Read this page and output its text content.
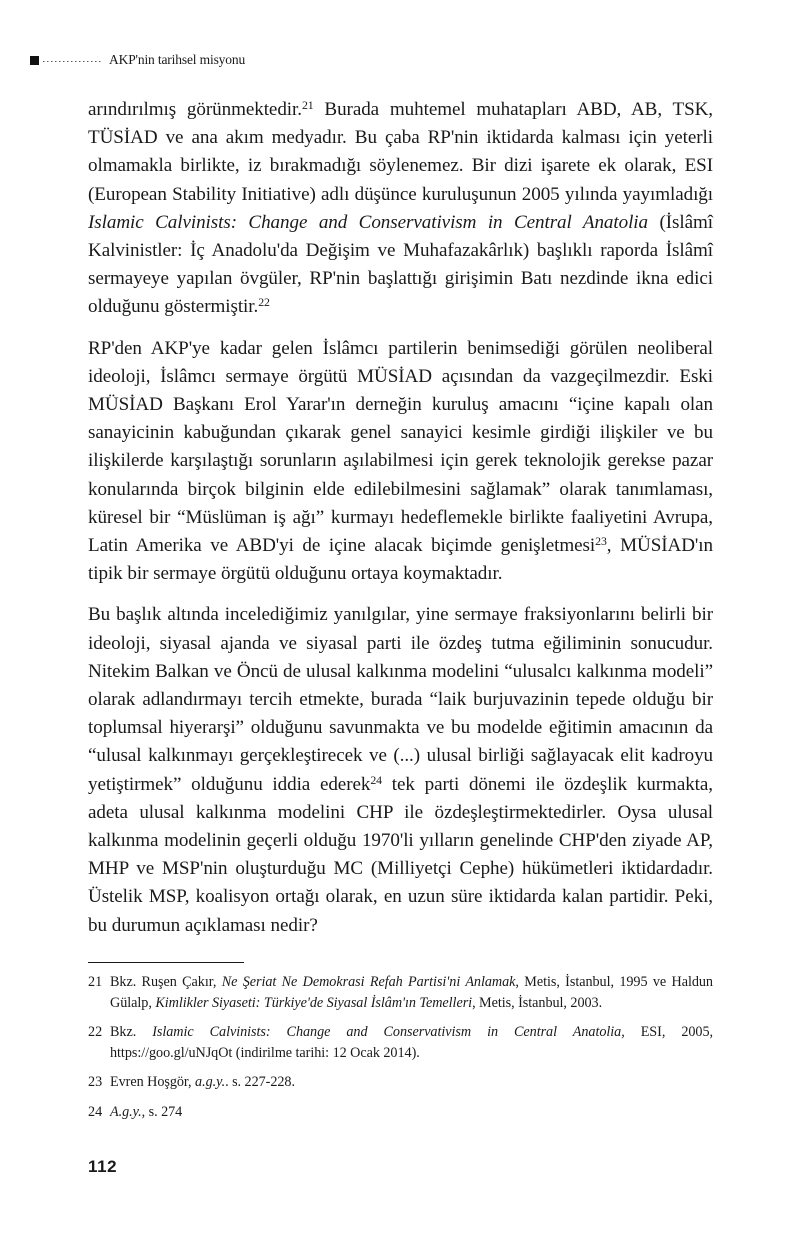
AKP'nin tarihsel misyonu

arındırılmış görünmektedir.$^{21}$ Burada muhtemel muhatapları ABD, AB, TSK, TÜSİAD ve ana akım medyadır. Bu çaba RP'nin iktidarda kalması için yeterli olmamakla birlikte, iz bırakmadığı söylenemez. Bir dizi işarete ek olarak, ESI (European Stability Initiative) adlı düşünce kuruluşunun 2005 yılında yayımladığı Islamic Calvinists: Change and Conservativism in Central Anatolia (İslâmî Kalvinistler: İç Anadolu'da Değişim ve Muhafazakârlık) başlıklı raporda İslâmî sermayeye yapılan övgüler, RP'nin başlattığı girişimin Batı nezdinde ikna edici olduğunu göstermiştir.$^{22}$

RP'den AKP'ye kadar gelen İslâmcı partilerin benimsediği görülen neoliberal ideoloji, İslâmcı sermaye örgütü MÜSİAD açısından da vazgeçilmezdir. Eski MÜSİAD Başkanı Erol Yarar'ın derneğin kuruluş amacını “içine kapalı olan sanayicinin kabuğundan çıkarak genel sanayici kesimle girdiği ilişkiler ve bu ilişkilerde karşılaştığı sorunların aşılabilmesi için gerek teknolojik gerekse pazar konularında birçok bilginin elde edilebilmesini sağlamak” olarak tanımlaması, küresel bir “Müslüman iş ağı” kurmayı hedeflemekle birlikte faaliyetini Avrupa, Latin Amerika ve ABD'yi de içine alacak biçimde genişletmesi$^{23}$, MÜSİAD'ın tipik bir sermaye örgütü olduğunu ortaya koymaktadır.

Bu başlık altında incelediğimiz yanılgılar, yine sermaye fraksiyonlarını belirli bir ideoloji, siyasal ajanda ve siyasal parti ile özdeş tutma eğiliminin sonucudur. Nitekim Balkan ve Öncü de ulusal kalkınma modelini “ulusalcı kalkınma modeli” olarak adlandırmayı tercih etmekte, burada “laik burjuvazinin tepede olduğu bir toplumsal hiyerarşi” olduğunu savunmakta ve bu modelde eğitimin amacının da “ulusal kalkınmayı gerçekleştirecek ve (...) ulusal birliği sağlayacak elit kadroyu yetiştirmek” olduğunu iddia ederek$^{24}$ tek parti dönemi ile özdeşlik kurmakta, adeta ulusal kalkınma modelini CHP ile özdeşleştirmektedirler. Oysa ulusal kalkınma modelinin geçerli olduğu 1970'li yılların genelinde CHP'den ziyade AP, MHP ve MSP'nin oluşturduğu MC (Milliyetçi Cephe) hükümetleri iktidardadır. Üstelik MSP, koalisyon ortağı olarak, en uzun süre iktidarda kalan partidir. Peki, bu durumun açıklaması nedir?

21 Bkz. Ruşen Çakır, Ne Şeriat Ne Demokrasi Refah Partisi'ni Anlamak, Metis, İstanbul, 1995 ve Haldun Gülalp, Kimlikler Siyaseti: Türkiye'de Siyasal İslâm'ın Temelleri, Metis, İstanbul, 2003.
22 Bkz. Islamic Calvinists: Change and Conservativism in Central Anatolia, ESI, 2005, https://goo.gl/uNJqOt (indirilme tarihi: 12 Ocak 2014).
23 Evren Hoşgör, a.g.y.. s. 227-228.
24 A.g.y., s. 274
112
